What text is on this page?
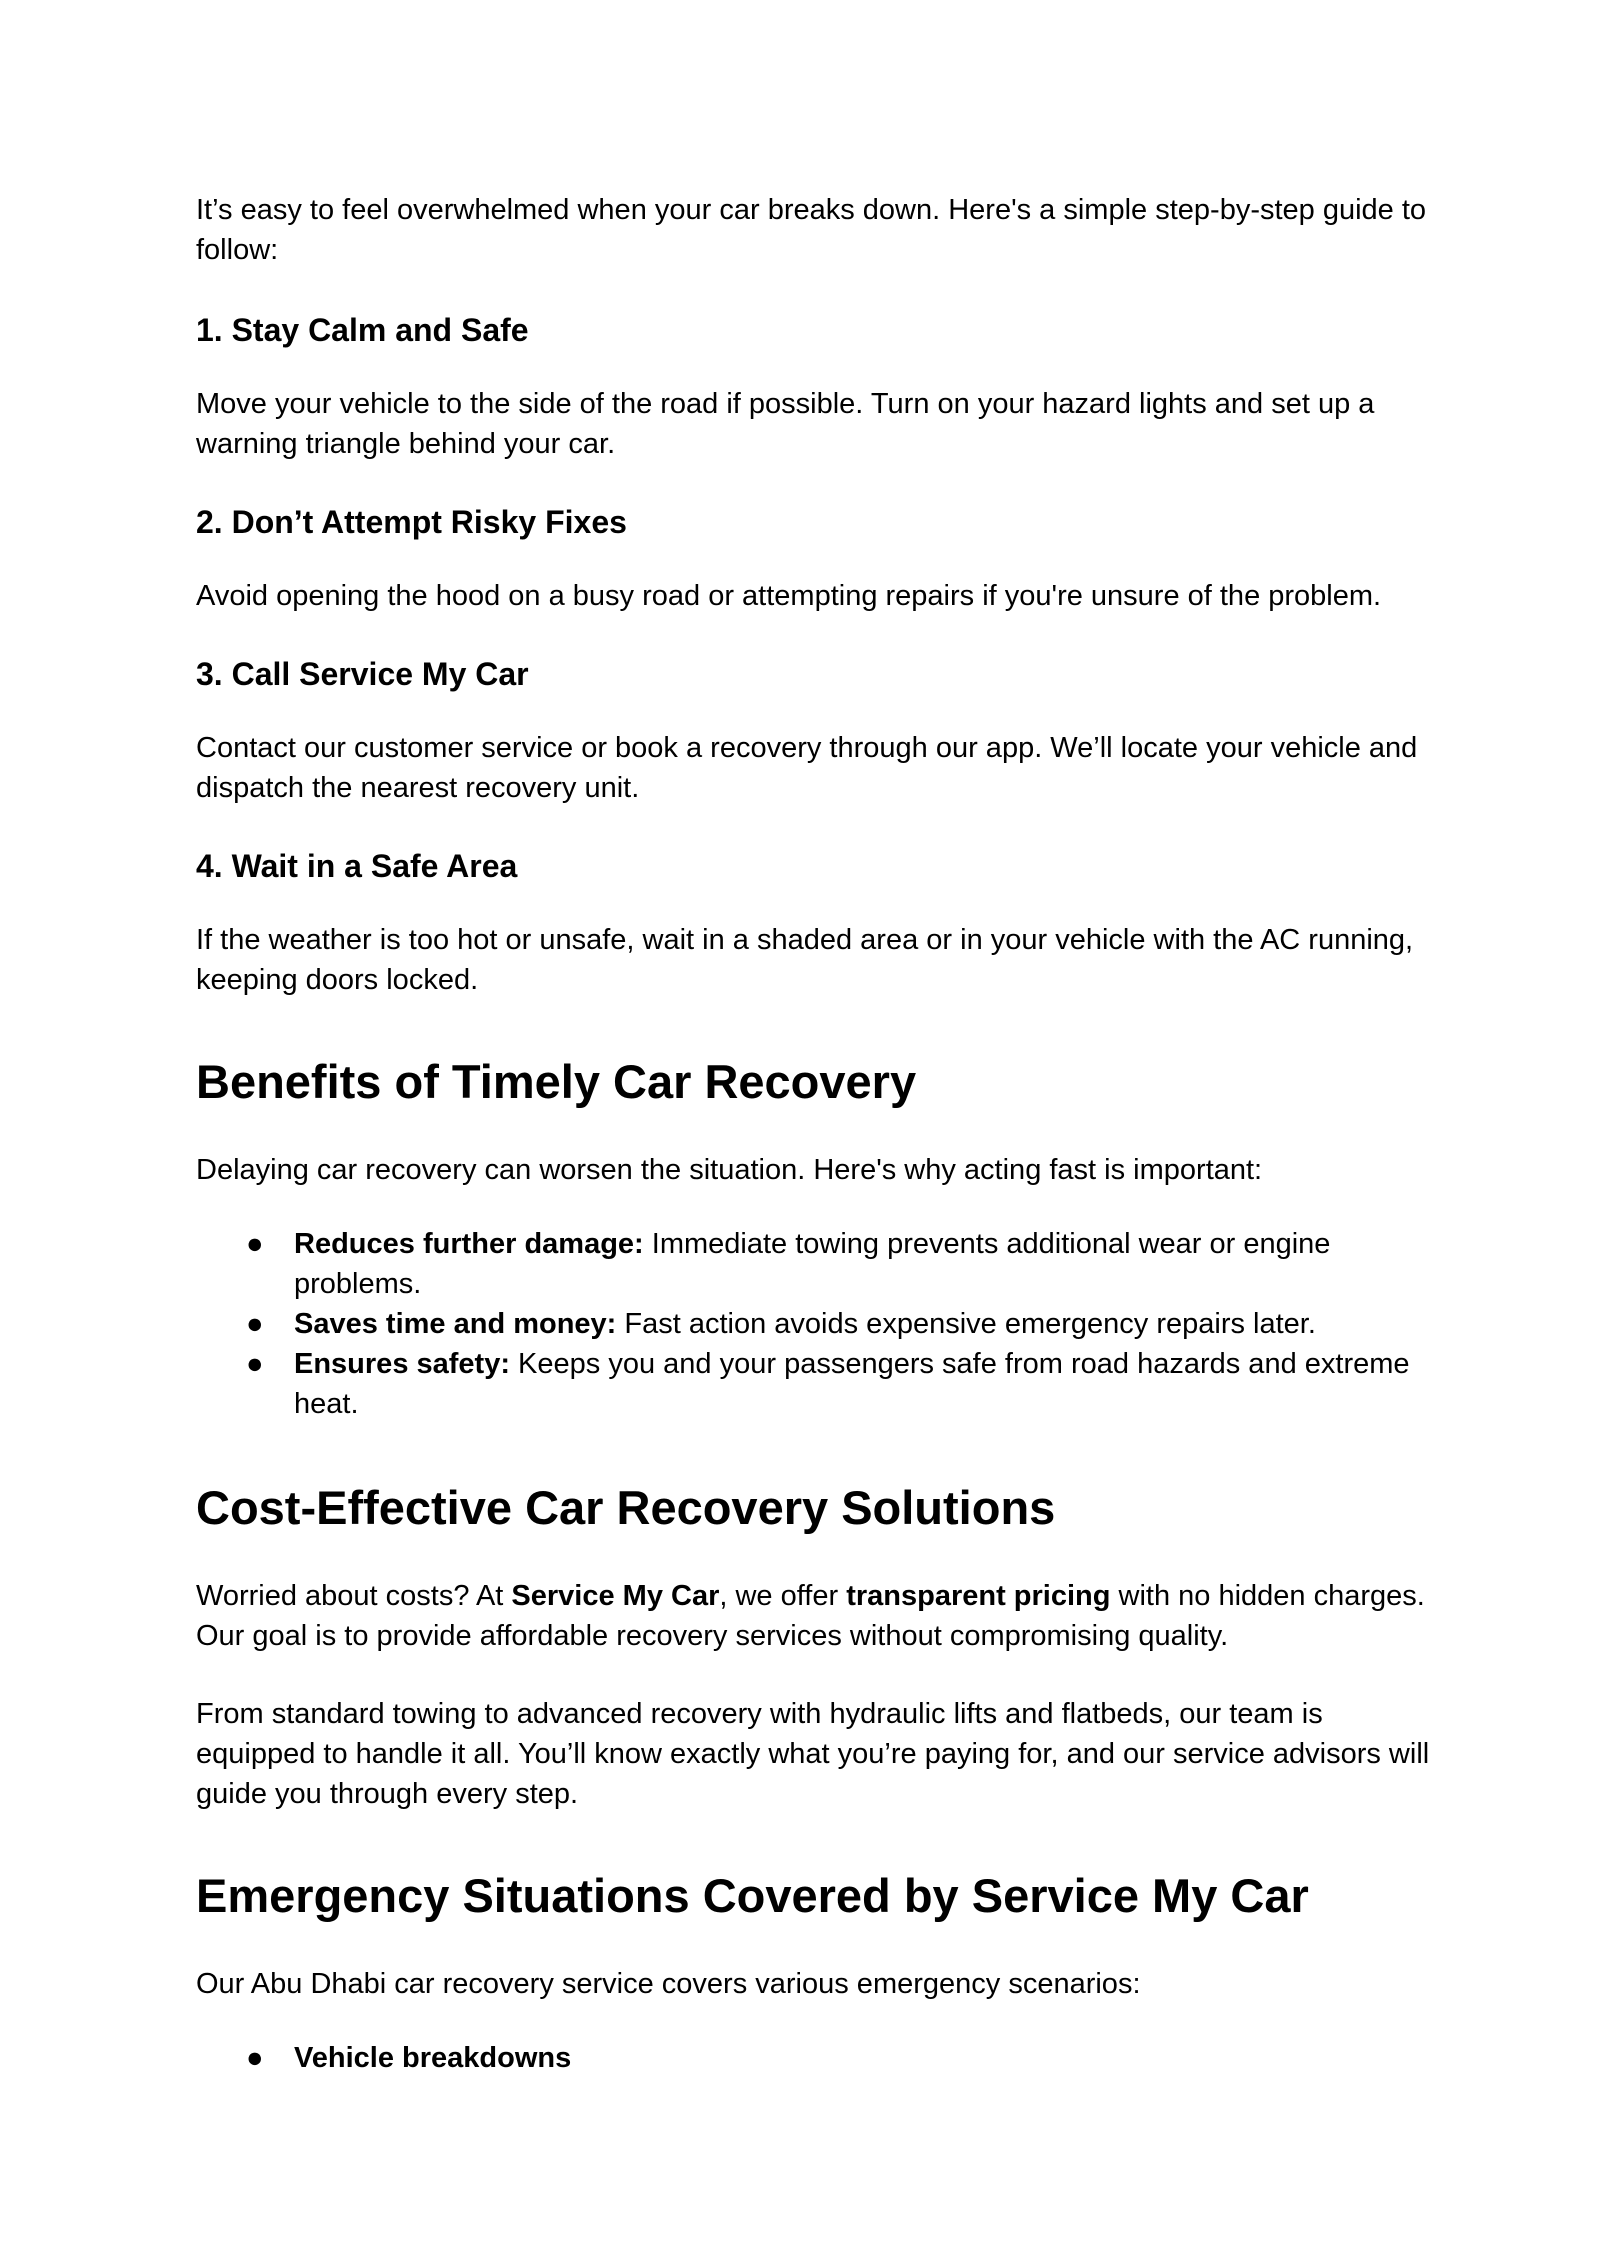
It’s easy to feel overwhelmed when your car breaks down. Here's a simple step-by-step guide to follow:

1. Stay Calm and Safe

Move your vehicle to the side of the road if possible. Turn on your hazard lights and set up a warning triangle behind your car.

2. Don’t Attempt Risky Fixes

Avoid opening the hood on a busy road or attempting repairs if you're unsure of the problem.

3. Call Service My Car

Contact our customer service or book a recovery through our app. We’ll locate your vehicle and dispatch the nearest recovery unit.

4. Wait in a Safe Area

If the weather is too hot or unsafe, wait in a shaded area or in your vehicle with the AC running, keeping doors locked.

Benefits of Timely Car Recovery

Delaying car recovery can worsen the situation. Here's why acting fast is important:

● Reduces further damage: Immediate towing prevents additional wear or engine problems.
● Saves time and money: Fast action avoids expensive emergency repairs later.
● Ensures safety: Keeps you and your passengers safe from road hazards and extreme heat.
Cost-Effective Car Recovery Solutions

Worried about costs? At Service My Car, we offer transparent pricing with no hidden charges. Our goal is to provide affordable recovery services without compromising quality.

From standard towing to advanced recovery with hydraulic lifts and flatbeds, our team is equipped to handle it all. You’ll know exactly what you’re paying for, and our service advisors will guide you through every step.

Emergency Situations Covered by Service My Car

Our Abu Dhabi car recovery service covers various emergency scenarios:

● Vehicle breakdowns
